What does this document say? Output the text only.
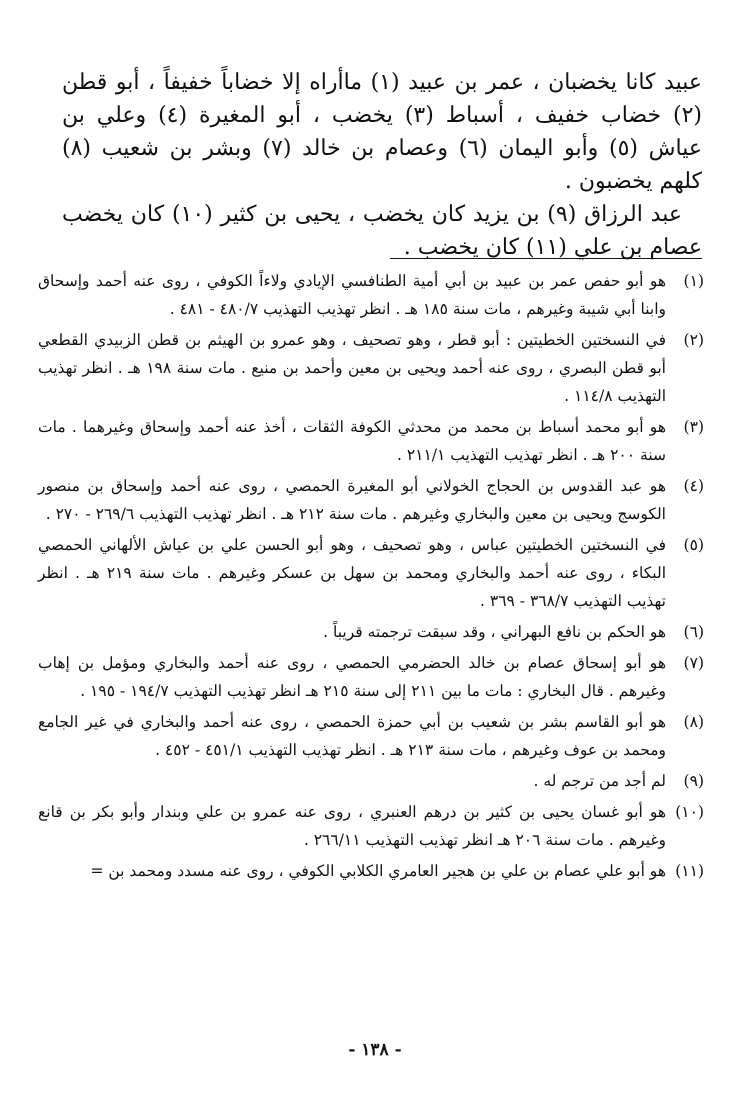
عبيد كانا يخضبان ، عمر بن عبيد (١) ماأراه إلا خضاباً خفيفاً ، أبو قطن (٢) خضاب خفيف ، أسباط (٣) يخضب ، أبو المغيرة (٤) وعلي بن عياش (٥) وأبو اليمان (٦) وعصام بن خالد (٧) وبشر بن شعيب (٨) كلهم يخضبون .

عبد الرزاق (٩) بن يزيد كان يخضب ، يحيى بن كثير (١٠) كان يخضب عصام بن علي (١١) كان يخضب .

(١)
هو أبو حفص عمر بن عبيد بن أبي أمية الطنافسي الإيادي ولاءاً الكوفي ، روى عنه أحمد وإسحاق وابنا أبي شيبة وغيرهم ، مات سنة ١٨٥ هـ . انظر تهذيب التهذيب ٤٨٠/٧ - ٤٨١ .
(٢)
في النسختين الخطيتين : أبو قطر ، وهو تصحيف ، وهو عمرو بن الهيثم بن قطن الزبيدي القطعي أبو قطن البصري ، روى عنه أحمد ويحيى بن معين وأحمد بن منيع . مات سنة ١٩٨ هـ . انظر تهذيب التهذيب ١١٤/٨ .
(٣)
هو أبو محمد أسباط بن محمد من محدثي الكوفة الثقات ، أخذ عنه أحمد وإسحاق وغيرهما . مات سنة ٢٠٠ هـ . انظر تهذيب التهذيب ٢١١/١ .
(٤)
هو عبد القدوس بن الحجاج الخولاني أبو المغيرة الحمصي ، روى عنه أحمد وإسحاق بن منصور الكوسج ويحيى بن معين والبخاري وغيرهم . مات سنة ٢١٢ هـ . انظر تهذيب التهذيب ٢٦٩/٦ - ٢٧٠ .
(٥)
في النسختين الخطيتين عباس ، وهو تصحيف ، وهو أبو الحسن علي بن عياش الألهاني الحمصي البكاء ، روى عنه أحمد والبخاري ومحمد بن سهل بن عسكر وغيرهم . مات سنة ٢١٩ هـ . انظر تهذيب التهذيب ٣٦٨/٧ - ٣٦٩ .
(٦)
هو الحكم بن نافع البهراني ، وقد سبقت ترجمته قريباً .
(٧)
هو أبو إسحاق عصام بن خالد الحضرمي الحمصي ، روى عنه أحمد والبخاري ومؤمل بن إهاب وغيرهم . قال البخاري : مات ما بين ٢١١ إلى سنة ٢١٥ هـ انظر تهذيب التهذيب ١٩٤/٧ - ١٩٥ .
(٨)
هو أبو القاسم بشر بن شعيب بن أبي حمزة الحمصي ، روى عنه أحمد والبخاري في غير الجامع ومحمد بن عوف وغيرهم ، مات سنة ٢١٣ هـ . انظر تهذيب التهذيب ٤٥١/١ - ٤٥٢ .
(٩)
لم أجد من ترجم له .
(١٠)
هو أبو غسان يحيى بن كثير بن درهم العنبري ، روى عنه عمرو بن علي وبندار وأبو بكر بن قانع وغيرهم . مات سنة ٢٠٦ هـ انظر تهذيب التهذيب ٢٦٦/١١ .
(١١)
هو أبو علي عصام بن علي بن هجير العامري الكلابي الكوفي ، روى عنه مسدد ومحمد بن =
- ١٣٨ -
